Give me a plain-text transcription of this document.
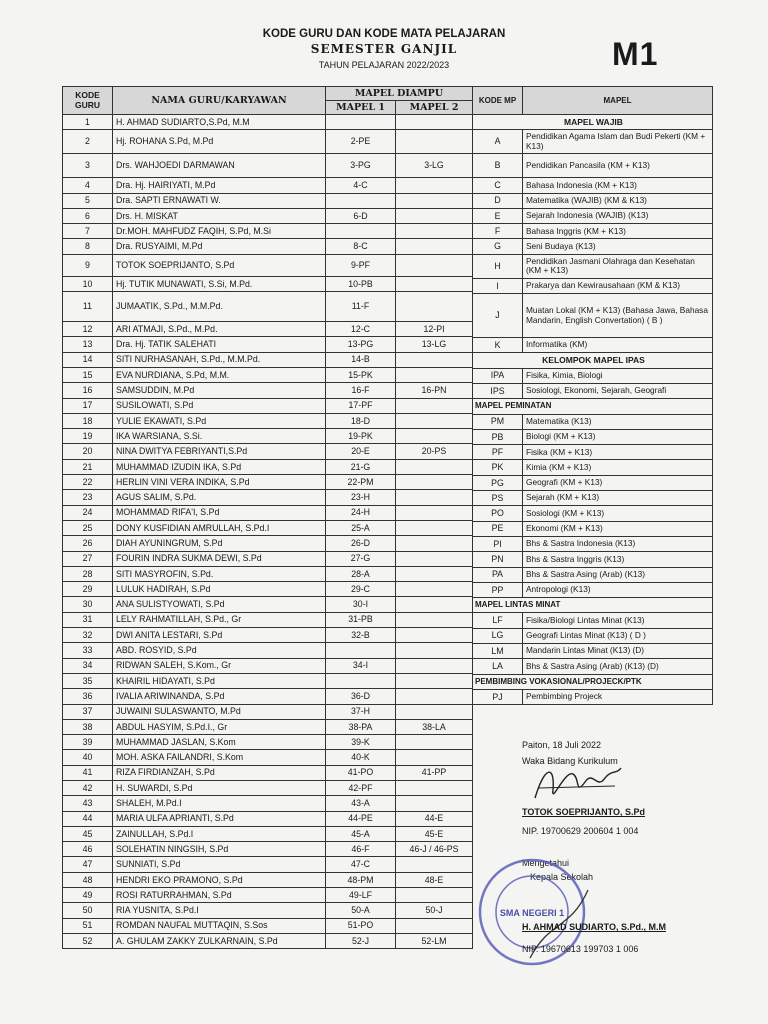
KODE GURU DAN KODE MATA PELAJARAN
SEMESTER GANJIL
TAHUN PELAJARAN 2022/2023	M1
KODE GURU	NAMA GURU/KARYAWAN	MAPEL DIAMPU	
		MAPEL 1	MAPEL 2
1	H. AHMAD SUDIARTO,S.Pd, M.M		
2	Hj. ROHANA S.Pd, M.Pd	2-PE	
3	Drs. WAHJOEDI DARMAWAN	3-PG	3-LG
4	Dra. Hj. HAIRIYATI, M.Pd	4-C	
5	Dra. SAPTI ERNAWATI W.		
6	Drs. H. MISKAT	6-D	
7	Dr.MOH. MAHFUDZ FAQIH, S.Pd, M.Si		
8	Dra. RUSYAIMI, M.Pd	8-C	
9	TOTOK SOEPRIJANTO, S.Pd	9-PF	
10	Hj. TUTIK MUNAWATI, S.Si, M.Pd.	10-PB	
11	JUMAATIK, S.Pd., M.M.Pd.	11-F	
12	ARI ATMAJI, S.Pd., M.Pd.	12-C	12-PI
13	Dra. Hj. TATIK SALEHATI	13-PG	13-LG
14	SITI NURHASANAH, S.Pd., M.M.Pd.	14-B	
15	EVA NURDIANA, S.Pd, M.M.	15-PK	
16	SAMSUDDIN, M.Pd	16-F	16-PN
17	SUSILOWATI, S.Pd	17-PF	
18	YULIE EKAWATI, S.Pd	18-D	
19	IKA WARSIANA, S.Si.	19-PK	
20	NINA DWITYA FEBRIYANTI,S.Pd	20-E	20-PS
21	MUHAMMAD IZUDIN IKA, S.Pd	21-G	
22	HERLIN VINI VERA INDIKA, S.Pd	22-PM	
23	AGUS SALIM, S.Pd.	23-H	
24	MOHAMMAD RIFA'I, S.Pd	24-H	
25	DONY KUSFIDIAN AMRULLAH, S.Pd.I	25-A	
26	DIAH AYUNINGRUM, S.Pd	26-D	
27	FOURIN INDRA SUKMA DEWI, S.Pd	27-G	
28	SITI MASYROFIN, S.Pd.	28-A	
29	LULUK HADIRAH, S.Pd	29-C	
30	ANA SULISTYOWATI, S.Pd	30-I	
31	LELY RAHMATILLAH, S.Pd., Gr	31-PB	
32	DWI ANITA LESTARI, S.Pd	32-B	
33	ABD. ROSYID, S.Pd		
34	RIDWAN SALEH, S.Kom., Gr	34-I	
35	KHAIRIL HIDAYATI, S.Pd		
36	IVALIA ARIWINANDA, S.Pd	36-D	
37	JUWAINI SULASWANTO, M.Pd	37-H	
38	ABDUL HASYIM, S.Pd.I., Gr	38-PA	38-LA
39	MUHAMMAD JASLAN, S.Kom	39-K	
40	MOH. ASKA FAILANDRI, S.Kom	40-K	
41	RIZA FIRDIANZAH, S.Pd	41-PO	41-PP
42	H. SUWARDI, S.Pd	42-PF	
43	SHALEH, M.Pd.I	43-A	
44	MARIA ULFA APRIANTI, S.Pd	44-PE	44-E
45	ZAINULLAH, S.Pd.I	45-A	45-E
46	SOLEHATIN NINGSIH, S.Pd	46-F	46-J / 46-PS
47	SUNNIATI, S.Pd	47-C	
48	HENDRI EKO PRAMONO, S.Pd	48-PM	48-E
49	ROSI RATURRAHMAN, S.Pd	49-LF	
50	RIA YUSNITA, S.Pd.I	50-A	50-J
51	ROMDAN NAUFAL MUTTAQIN, S.Sos	51-PO	
52	A. GHULAM ZAKKY ZULKARNAIN, S.Pd	52-J	52-LM
KODE MP	MAPEL
MAPEL WAJIB	
A	Pendidikan Agama Islam dan Budi Pekerti (KM + K13)
B	Pendidikan Pancasila (KM + K13)
C	Bahasa Indonesia (KM + K13)
D	Matematika (WAJIB) (KM & K13)
E	Sejarah Indonesia (WAJIB) (K13)
F	Bahasa Inggris (KM + K13)
G	Seni Budaya (K13)
H	Pendidikan Jasmani Olahraga dan Kesehatan (KM + K13)
I	Prakarya dan Kewirausahaan (KM & K13)
J	Muatan Lokal (KM + K13) (Bahasa Jawa, Bahasa Mandarin, English Convertation) ( B )
K	Informatika (KM)
KELOMPOK MAPEL IPAS	
IPA	Fisika, Kimia, Biologi
IPS	Sosiologi, Ekonomi, Sejarah, Geografi
MAPEL PEMINATAN	
PM	Matematika (K13)
PB	Biologi (KM + K13)
PF	Fisika (KM + K13)
PK	Kimia (KM + K13)
PG	Geografi (KM + K13)
PS	Sejarah (KM + K13)
PO	Sosiologi (KM + K13)
PE	Ekonomi (KM + K13)
PI	Bhs & Sastra Indonesia (K13)
PN	Bhs & Sastra Inggris (K13)
PA	Bhs & Sastra Asing (Arab) (K13)
PP	Antropologi (K13)
MAPEL LINTAS MINAT	
LF	Fisika/Biologi Lintas Minat (K13)
LG	Geografi Lintas Minat (K13) ( D )
LM	Mandarin Lintas Minat (K13) (D)
LA	Bhs & Sastra Asing (Arab) (K13) (D)
PEMBIMBING VOKASIONAL/PROJECK/PTK	
PJ	Pembimbing Projeck
Paiton, 18 Juli 2022
Waka Bidang Kurikulum
TOTOK SOEPRIJANTO, S.Pd
NIP. 19700629 200604 1 004
Mengetahui
Kepala Sekolah
SMA NEGERI 1
H. AHMAD SUDIARTO, S.Pd., M.M
NIP. 19670613 199703 1 006
